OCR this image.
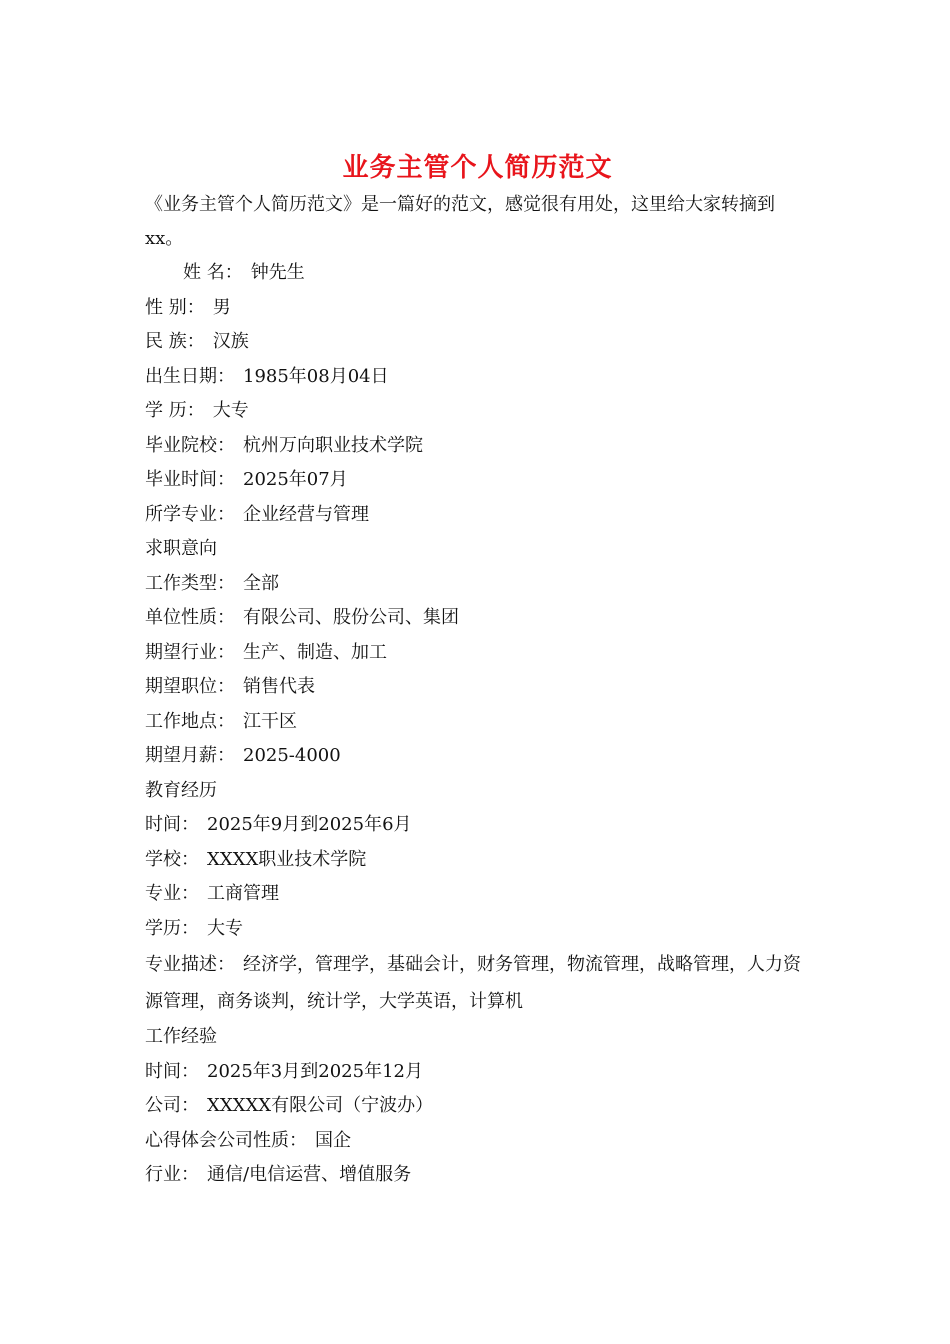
业务主管个人简历范文

《业务主管个人简历范文》是一篇好的范文，感觉很有用处，这里给大家转摘到xx。

姓 名： 钟先生
性 别： 男
民 族： 汉族
出生日期： 1985年08月04日
学 历： 大专
毕业院校： 杭州万向职业技术学院
毕业时间： 2025年07月
所学专业： 企业经营与管理
求职意向
工作类型： 全部
单位性质： 有限公司、股份公司、集团
期望行业： 生产、制造、加工
期望职位： 销售代表
工作地点： 江干区
期望月薪： 2025-4000
教育经历
时间： 2025年9月到2025年6月
学校： XXXX职业技术学院
专业： 工商管理
学历： 大专
专业描述： 经济学，管理学，基础会计，财务管理，物流管理，战略管理，人力资源管理，商务谈判，统计学，大学英语，计算机
工作经验
时间： 2025年3月到2025年12月
公司： XXXXX有限公司（宁波办）
心得体会公司性质： 国企
行业： 通信/电信运营、增值服务
